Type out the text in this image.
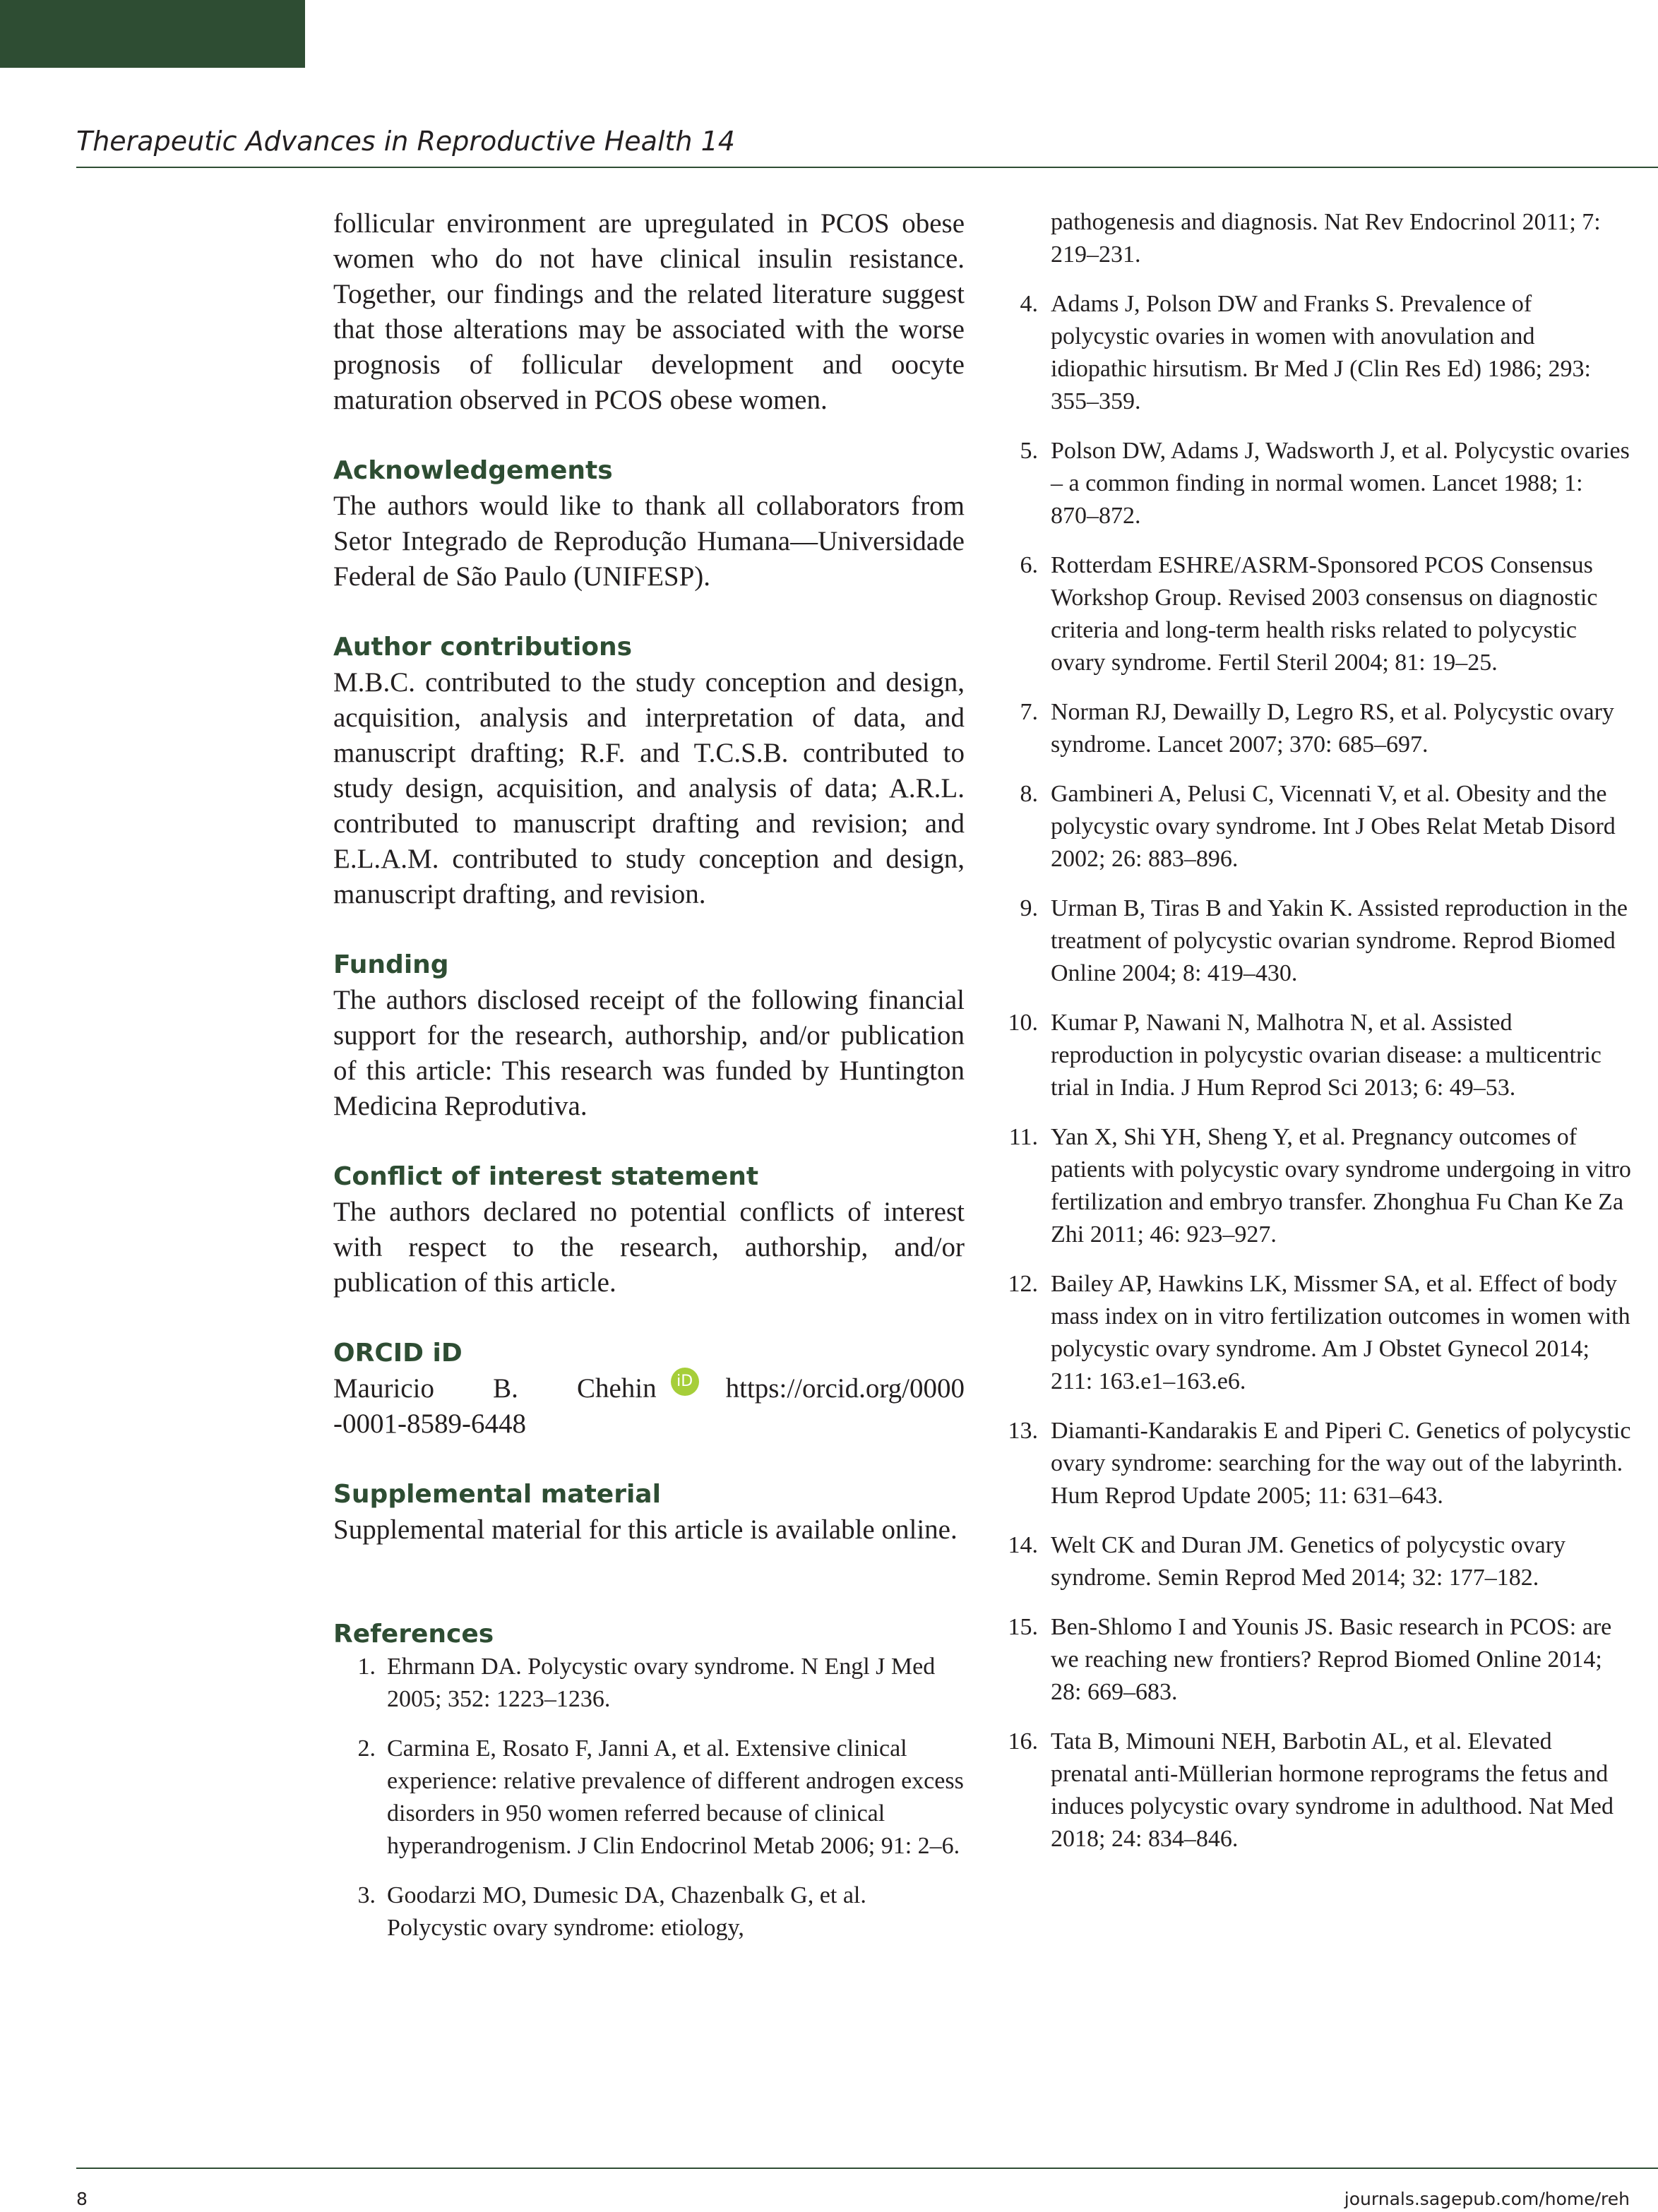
Therapeutic Advances in Reproductive Health 14

follicular environment are upregulated in PCOS obese women who do not have clinical insulin resistance. Together, our findings and the related literature suggest that those alterations may be associated with the worse prognosis of follicular development and oocyte maturation observed in PCOS obese women.

Acknowledgements

The authors would like to thank all collaborators from Setor Integrado de Reprodução Humana—Universidade Federal de São Paulo (UNIFESP).

Author contributions

M.B.C. contributed to the study conception and design, acquisition, analysis and interpretation of data, and manuscript drafting; R.F. and T.C.S.B. contributed to study design, acquisition, and analysis of data; A.R.L. contributed to manuscript drafting and revision; and E.L.A.M. contributed to study conception and design, manuscript drafting, and revision.

Funding

The authors disclosed receipt of the following financial support for the research, authorship, and/or publication of this article: This research was funded by Huntington Medicina Reprodutiva.

Conflict of interest statement

The authors declared no potential conflicts of interest with respect to the research, authorship, and/or publication of this article.

ORCID iD
Mauricio B. Chehin	iD https://orcid.org/0000
-0001-8589-6448
Supplemental material

Supplemental material for this article is available online.

References
1. Ehrmann DA. Polycystic ovary syndrome. N Engl J Med 2005; 352: 1223–1236.
2. Carmina E, Rosato F, Janni A, et al. Extensive clinical experience: relative prevalence of different androgen excess disorders in 950 women referred because of clinical hyperandrogenism. J Clin Endocrinol Metab 2006; 91: 2–6.
3. Goodarzi MO, Dumesic DA, Chazenbalk G, et al. Polycystic ovary syndrome: etiology,
pathogenesis and diagnosis. Nat Rev Endocrinol 2011; 7: 219–231.
4. Adams J, Polson DW and Franks S. Prevalence of polycystic ovaries in women with anovulation and idiopathic hirsutism. Br Med J (Clin Res Ed) 1986; 293: 355–359.
5. Polson DW, Adams J, Wadsworth J, et al. Polycystic ovaries – a common finding in normal women. Lancet 1988; 1: 870–872.
6. Rotterdam ESHRE/ASRM-Sponsored PCOS Consensus Workshop Group. Revised 2003 consensus on diagnostic criteria and long-term health risks related to polycystic ovary syndrome. Fertil Steril 2004; 81: 19–25.
7. Norman RJ, Dewailly D, Legro RS, et al. Polycystic ovary syndrome. Lancet 2007; 370: 685–697.
8. Gambineri A, Pelusi C, Vicennati V, et al. Obesity and the polycystic ovary syndrome. Int J Obes Relat Metab Disord 2002; 26: 883–896.
9. Urman B, Tiras B and Yakin K. Assisted reproduction in the treatment of polycystic ovarian syndrome. Reprod Biomed Online 2004; 8: 419–430.
10. Kumar P, Nawani N, Malhotra N, et al. Assisted reproduction in polycystic ovarian disease: a multicentric trial in India. J Hum Reprod Sci 2013; 6: 49–53.
11. Yan X, Shi YH, Sheng Y, et al. Pregnancy outcomes of patients with polycystic ovary syndrome undergoing in vitro fertilization and embryo transfer. Zhonghua Fu Chan Ke Za Zhi 2011; 46: 923–927.
12. Bailey AP, Hawkins LK, Missmer SA, et al. Effect of body mass index on in vitro fertilization outcomes in women with polycystic ovary syndrome. Am J Obstet Gynecol 2014; 211: 163.e1–163.e6.
13. Diamanti-Kandarakis E and Piperi C. Genetics of polycystic ovary syndrome: searching for the way out of the labyrinth. Hum Reprod Update 2005; 11: 631–643.
14. Welt CK and Duran JM. Genetics of polycystic ovary syndrome. Semin Reprod Med 2014; 32: 177–182.
15. Ben-Shlomo I and Younis JS. Basic research in PCOS: are we reaching new frontiers? Reprod Biomed Online 2014; 28: 669–683.
16. Tata B, Mimouni NEH, Barbotin AL, et al. Elevated prenatal anti-Müllerian hormone reprograms the fetus and induces polycystic ovary syndrome in adulthood. Nat Med 2018; 24: 834–846.
8	journals.sagepub.com/home/reh
